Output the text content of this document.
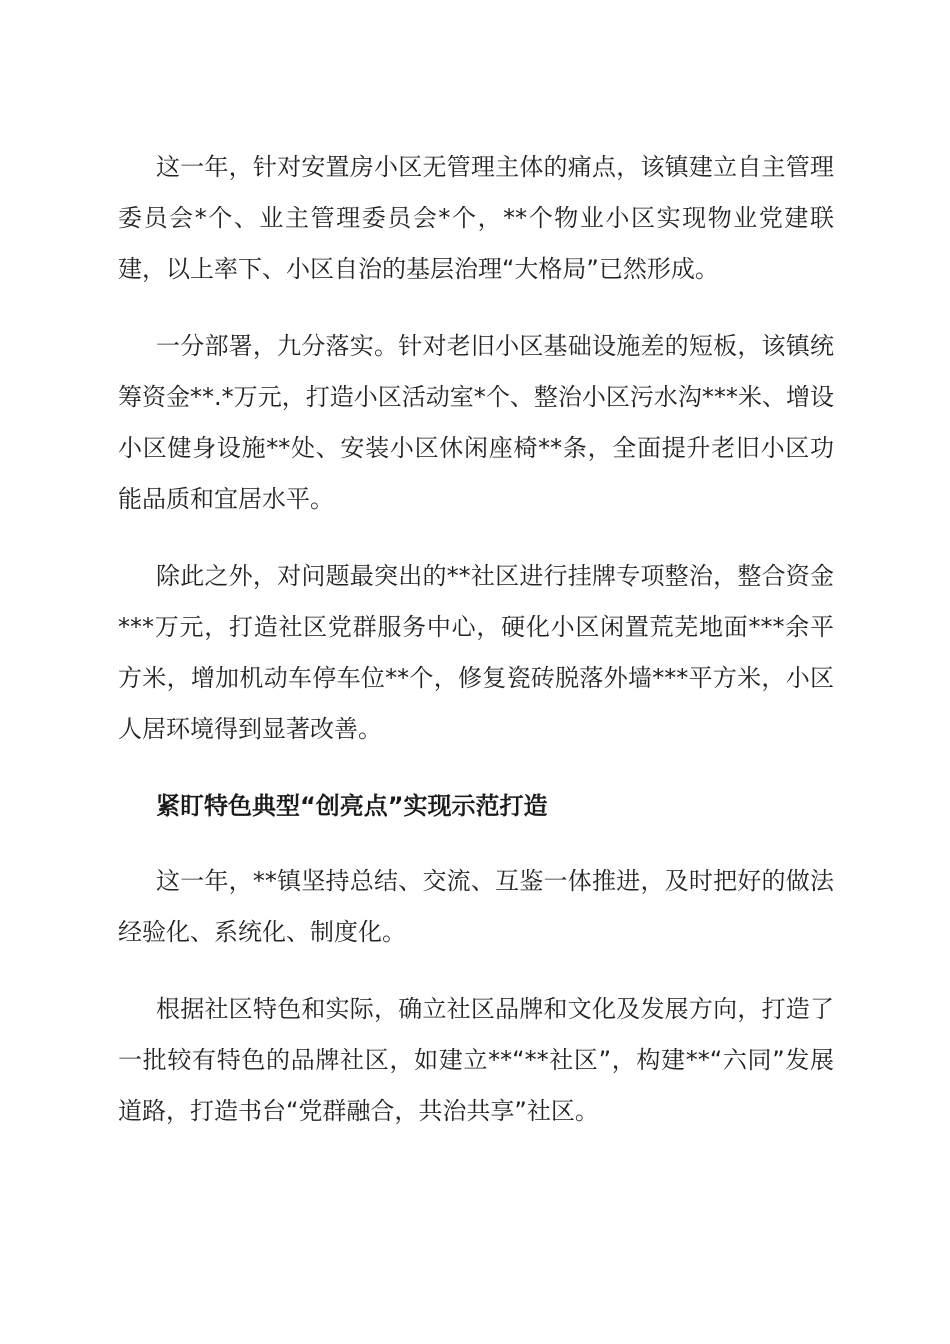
这一年，针对安置房小区无管理主体的痛点，该镇建立自主管理委员会*个、业主管理委员会*个，**个物业小区实现物业党建联建，以上率下、小区自治的基层治理“大格局”已然形成。

一分部署，九分落实。针对老旧小区基础设施差的短板，该镇统筹资金**.*万元，打造小区活动室*个、整治小区污水沟***米、增设小区健身设施**处、安装小区休闲座椅**条，全面提升老旧小区功能品质和宜居水平。

除此之外，对问题最突出的**社区进行挂牌专项整治，整合资金***万元，打造社区党群服务中心，硬化小区闲置荒芜地面***余平方米，增加机动车停车位**个，修复瓷砖脱落外墙***平方米，小区人居环境得到显著改善。

紧盯特色典型“创亮点”实现示范打造

这一年，**镇坚持总结、交流、互鉴一体推进，及时把好的做法经验化、系统化、制度化。

根据社区特色和实际，确立社区品牌和文化及发展方向，打造了一批较有特色的品牌社区，如建立**“**社区”，构建**“六同”发展道路，打造书台“党群融合，共治共享”社区。
